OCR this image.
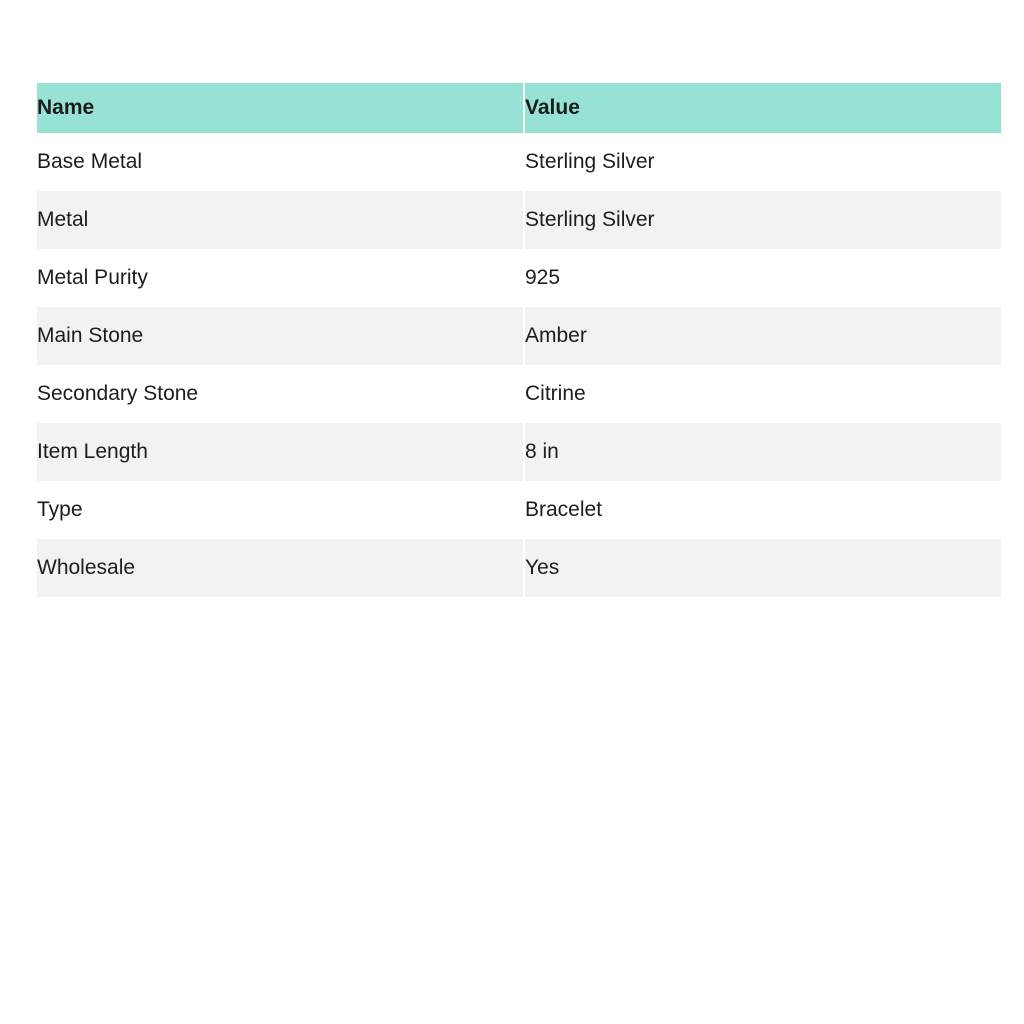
Name	Value
Base Metal	Sterling Silver
Metal	Sterling Silver
Metal Purity	925
Main Stone	Amber
Secondary Stone	Citrine
Item Length	8 in
Type	Bracelet
Wholesale	Yes
